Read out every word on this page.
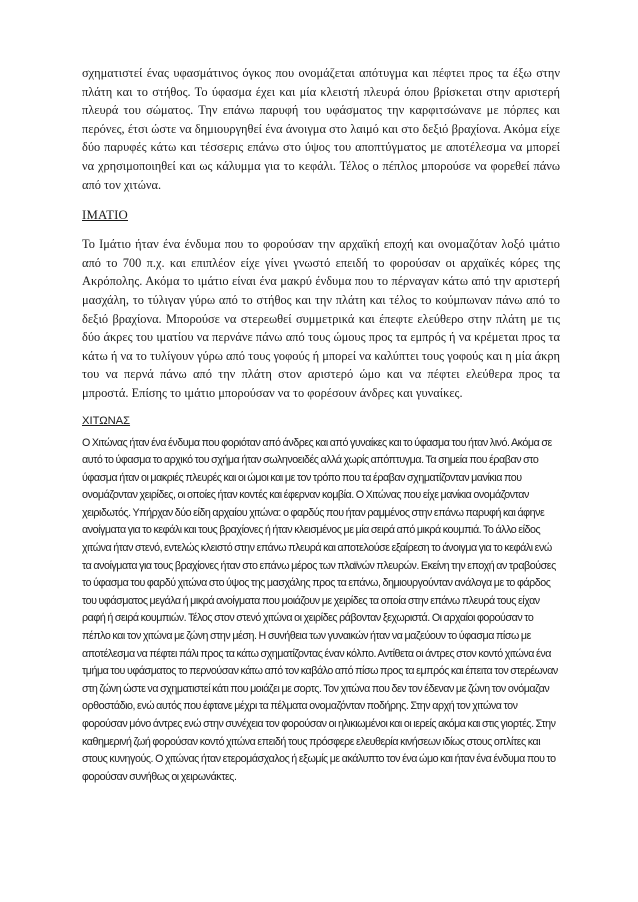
σχηματιστεί ένας υφασμάτινος όγκος που ονομάζεται απότυγμα και πέφτει προς τα έξω στην πλάτη και το στήθος. Το ύφασμα έχει και μία κλειστή πλευρά όπου βρίσκεται στην αριστερή πλευρά του σώματος. Την επάνω παρυφή του υφάσματος την καρφιτσώνανε με πόρπες και περόνες, έτσι ώστε να δημιουργηθεί ένα άνοιγμα στο λαιμό και στο δεξιό βραχίονα. Ακόμα είχε δύο παρυφές κάτω και τέσσερις επάνω στο ύψος του αποπτύγματος με αποτέλεσμα να μπορεί να χρησιμοποιηθεί και ως κάλυμμα για το κεφάλι. Τέλος ο πέπλος μπορούσε να φορεθεί πάνω από τον χιτώνα.

ΙΜΑΤΙΟ

Το Ιμάτιο ήταν ένα ένδυμα που το φορούσαν την αρχαϊκή εποχή και ονομαζόταν λοξό ιμάτιο από το 700 π.χ. και επιπλέον είχε γίνει γνωστό επειδή το φορούσαν οι αρχαϊκές κόρες της Ακρόπολης. Ακόμα το ιμάτιο είναι ένα μακρύ ένδυμα που το πέρναγαν κάτω από την αριστερή μασχάλη, το τύλιγαν γύρω από το στήθος και την πλάτη και τέλος το κούμπωναν πάνω από το δεξιό βραχίονα. Μπορούσε να στερεωθεί συμμετρικά και έπεφτε ελεύθερο στην πλάτη με τις δύο άκρες του ιματίου να περνάνε πάνω από τους ώμους προς τα εμπρός ή να κρέμεται προς τα κάτω ή να το τυλίγουν γύρω από τους γοφούς ή μπορεί να καλύπτει τους γοφούς και η μία άκρη του να περνά πάνω από την πλάτη στον αριστερό ώμο και να πέφτει ελεύθερα προς τα μπροστά. Επίσης το ιμάτιο μπορούσαν να το φορέσουν άνδρες και γυναίκες.

ΧΙΤΩΝΑΣ

Ο Χιτώνας ήταν ένα ένδυμα που φοριόταν από άνδρες και από γυναίκες και το ύφασμα του ήταν λινό. Ακόμα σε αυτό το ύφασμα το αρχικό του σχήμα ήταν σωληνοειδές αλλά χωρίς απόπτυγμα. Τα σημεία που έραβαν στο ύφασμα ήταν οι μακριές πλευρές και οι ώμοι και με τον τρόπο που τα έραβαν σχηματίζονταν μανίκια που ονομάζονταν χειρίδες, οι οποίες ήταν κοντές και έφερναν κομβία. Ο Χιτώνας που είχε μανίκια ονομάζονταν χειριδωτός. Υπήρχαν δύο είδη αρχαίου χιτώνα: ο φαρδύς που ήταν ραμμένος στην επάνω παρυφή και άφηνε ανοίγματα για το κεφάλι και τους βραχίονες ή ήταν κλεισμένος με μία σειρά από μικρά κουμπιά. Το άλλο είδος χιτώνα ήταν στενό, εντελώς κλειστό στην επάνω πλευρά και αποτελούσε εξαίρεση το άνοιγμα για το κεφάλι ενώ τα ανοίγματα για τους βραχίονες ήταν στο επάνω μέρος των πλαϊνών πλευρών. Εκείνη την εποχή αν τραβούσες το ύφασμα του φαρδύ χιτώνα στο ύψος της μασχάλης προς τα επάνω, δημιουργούνταν ανάλογα με το φάρδος του υφάσματος μεγάλα ή μικρά ανοίγματα που μοιάζουν με χειρίδες τα οποία στην επάνω πλευρά τους είχαν ραφή ή σειρά κουμπιών. Τέλος στον στενό χιτώνα οι χειρίδες ράβονταν ξεχωριστά. Οι αρχαίοι φορούσαν το πέπλο και τον χιτώνα με ζώνη στην μέση. Η συνήθεια των γυναικών ήταν να μαζεύουν το ύφασμα πίσω με αποτέλεσμα να πέφτει πάλι προς τα κάτω σχηματίζοντας έναν κόλπο. Αντίθετα οι άντρες στον κοντό χιτώνα ένα τμήμα του υφάσματος το περνούσαν κάτω από τον καβάλο από πίσω προς τα εμπρός και έπειτα τον στερέωναν στη ζώνη ώστε να σχηματιστεί κάτι που μοιάζει με σορτς. Τον χιτώνα που δεν τον έδεναν με ζώνη τον ονόμαζαν ορθοστάδιο, ενώ αυτός που έφτανε μέχρι τα πέλματα ονομαζόνταν ποδήρης. Στην αρχή τον χιτώνα τον φορούσαν μόνο άντρες ενώ στην συνέχεια τον φορούσαν οι ηλικιωμένοι και οι ιερείς ακόμα και στις γιορτές. Στην καθημερινή ζωή φορούσαν κοντό χιτώνα επειδή τους πρόσφερε ελευθερία κινήσεων ιδίως στους οπλίτες και στους κυνηγούς. Ο χιτώνας ήταν ετερομάσχαλος ή εξωμίς με ακάλυπτο τον ένα ώμο και ήταν ένα ένδυμα που το φορούσαν συνήθως οι χειρωνάκτες.
